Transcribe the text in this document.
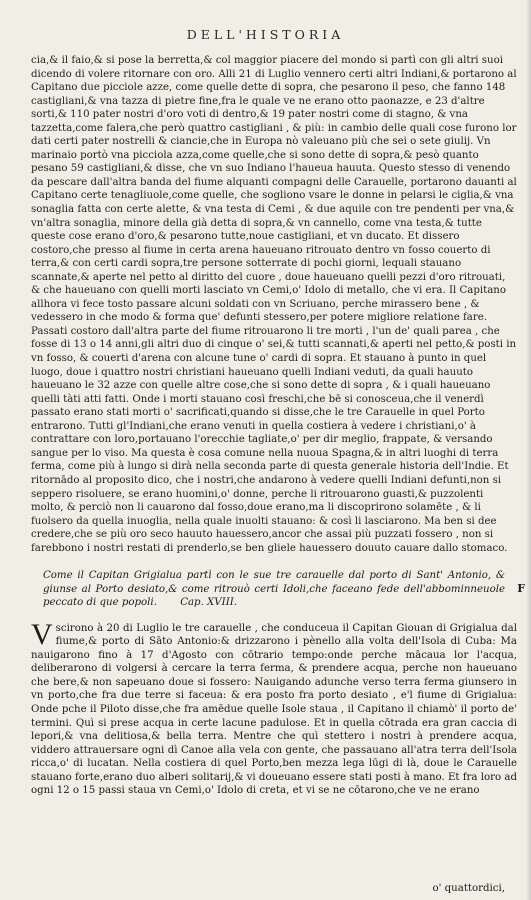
DELL'HISTORIA

cia,& il faio,& si pose la berretta,& col maggior piacere del mondo si partì con gli altri suoi dicendo di volere ritornare con oro. Alli 21 di Luglio vennero certi altri Indiani,& portarono al Capitano due picciole azze, come quelle dette di sopra, che pesarono il peso, che fanno 148 castigliani,& vna tazza di pietre fine,fra le quale ve ne erano otto paonazze, e 23 d'altre sorti,& 110 pater nostri d'oro voti di dentro,& 19 pater nostri come di stagno, & vna tazzetta,come falera,che però quattro castigliani , & più: in cambio delle quali cose furono lor dati certi pater nostrelli & ciancie,che in Europa nò valeuano più che sei o sete giulij. Vn marinaio portò vna picciola azza,come quelle,che si sono dette di sopra,& pesò quanto pesano 59 castigliani,& disse, che vn suo Indiano l'haueua hauuta. Questo stesso di venendo da pescare dall'altra banda del fiume alquanti compagni delle Carauelle, portarono dauanti al Capitano certe tenagliuole,come quelle, che sogliono vsare le donne in pelarsi le ciglia,& vna sonaglia fatta con certe alette, & vna testa di Cemi , & due aquile con tre pendenti per vna,& vn'altra sonaglia, minore della già detta di sopra,& vn cannello, come vna testa,& tutte queste cose erano d'oro,& pesarono tutte,noue castigliani, et vn ducato. Et dissero costoro,che presso al fiume in certa arena haueuano ritrouato dentro vn fosso couerto di terra,& con certi cardi sopra,tre persone sotterrate di pochi giorni, lequali stauano scannate,& aperte nel petto al diritto del cuore , doue haueuano quelli pezzi d'oro ritrouati, & che haueuano con quelli morti lasciato vn Cemi,o' Idolo di metallo, che vi era. Il Capitano allhora vi fece tosto passare alcuni soldati con vn Scriuano, perche mirassero bene , & vedessero in che modo & forma que' defunti stessero,per potere migliore relatione fare. Passati costoro dall'altra parte del fiume ritrouarono li tre morti , l'un de' quali parea , che fosse di 13 o 14 anni,gli altri duo di cinque o' sei,& tutti scannati,& aperti nel petto,& posti in vn fosso, & couerti d'arena con alcune tune o' cardi di sopra. Et stauano à punto in quel luogo, doue i quattro nostri christiani haueuano quelli Indiani veduti, da quali hauuto haueuano le 32 azze con quelle altre cose,che si sono dette di sopra , & i quali haueuano quelli tàti atti fatti. Onde i morti stauano così freschi,che bē si conosceua,che il venerdì passato erano stati morti o' sacrificati,quando si disse,che le tre Carauelle in quel Porto entrarono. Tutti gl'Indiani,che erano venuti in quella costiera à vedere i christiani,o' à contrattare con loro,portauano l'orecchie tagliate,o' per dir meglio, frappate, & versando sangue per lo viso. Ma questa è cosa comune nella nuoua Spagna,& in altri luoghi di terra ferma, come più à lungo si dirà nella seconda parte di questa generale historia dell'Indie. Et ritornādo al proposito dico, che i nostri,che andarono à vedere quelli Indiani defunti,non si seppero risoluere, se erano huomini,o' donne, perche li ritrouarono guasti,& puzzolenti molto, & perciò non li cauarono dal fosso,doue erano,ma li discoprirono solamēte , & li fuolsero da quella inuoglia, nella quale inuolti stauano: & così li lasciarono. Ma ben si dee credere,che se più oro seco hauuto hauessero,ancor che assai più puzzati fossero , non si farebbono i nostri restati di prenderlo,se ben gliele hauessero douuto cauare dallo stomaco.

F
Come il Capitan Grigialua partì con le sue tre carauelle dal porto di Sant' Antonio, & giunse al Porto desiato,& come ritrouò certi Idoli,che faceano fede dell'abbominneuole peccato di que popoli. Cap. XVIII.
V scirono à 20 di Luglio le tre carauelle , che conduceua il Capitan Giouan di Grigialua dal fiume,& porto di Sāto Antonio:& drizzarono i pènello alla volta dell'Isola di Cuba: Ma nauigarono fino à 17 d'Agosto con cōtrario tempo:onde perche mācaua lor l'acqua, deliberarono di volgersi à cercare la terra ferma, & prendere acqua, perche non haueuano che bere,& non sapeuano doue si fossero: Nauigando adunche verso terra ferma giunsero in vn porto,che fra due terre si faceua: & era posto fra porto desiato , e'l fiume di Grigialua: Onde pche il Piloto disse,che fra amēdue quelle Isole staua , il Capitano il chiamò' il porto de' termini. Quì si prese acqua in certe lacune padulose. Et in quella cōtrada era gran caccia di lepori,& vna delitiosa,& bella terra. Mentre che quì stettero i nostri à prendere acqua, viddero attrauersare ogni dì Canoe alla vela con gente, che passauano all'atra terra dell'Isola ricca,o' di lucatan. Nella costiera di quel Porto,ben mezza lega lūgi di là, doue le Carauelle stauano forte,erano duo alberi solitarij,& vi doueuano essere stati posti à mano. Et fra loro ad ogni 12 o 15 passi staua vn Cemi,o' Idolo di creta, et vi se ne cōtarono,che ve ne erano
o' quattordici,
